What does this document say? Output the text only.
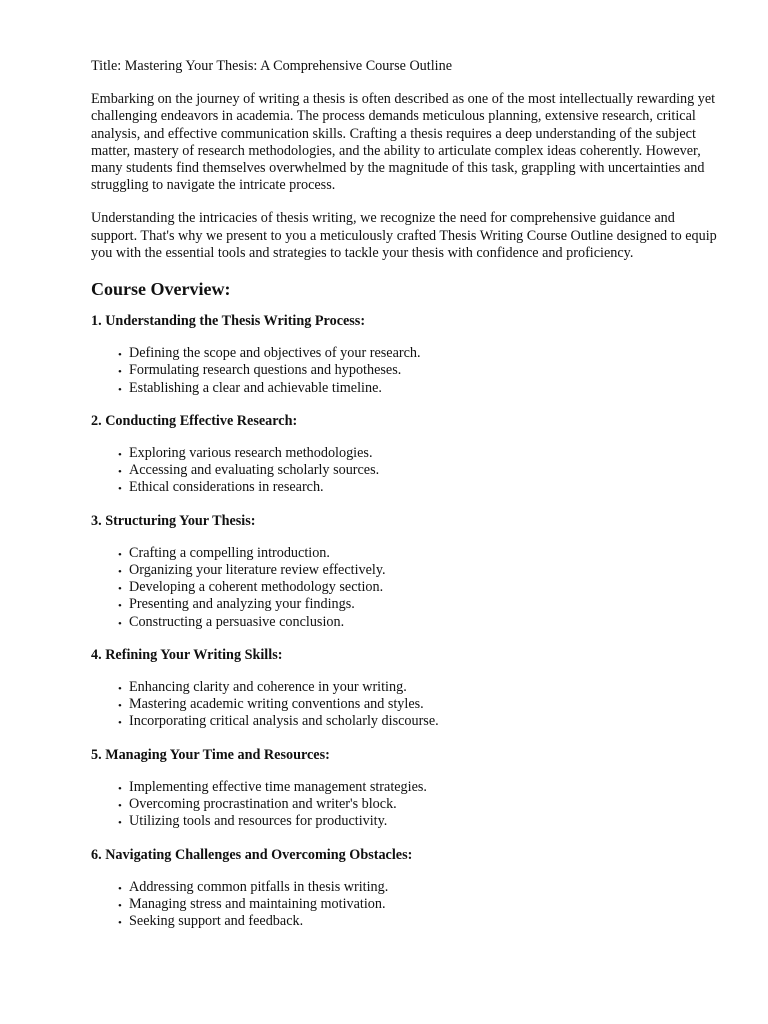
Title: Mastering Your Thesis: A Comprehensive Course Outline

Embarking on the journey of writing a thesis is often described as one of the most intellectually rewarding yet challenging endeavors in academia. The process demands meticulous planning, extensive research, critical analysis, and effective communication skills. Crafting a thesis requires a deep understanding of the subject matter, mastery of research methodologies, and the ability to articulate complex ideas coherently. However, many students find themselves overwhelmed by the magnitude of this task, grappling with uncertainties and struggling to navigate the intricate process.

Understanding the intricacies of thesis writing, we recognize the need for comprehensive guidance and support. That's why we present to you a meticulously crafted Thesis Writing Course Outline designed to equip you with the essential tools and strategies to tackle your thesis with confidence and proficiency.

Course Overview:
1. Understanding the Thesis Writing Process:
• Defining the scope and objectives of your research.
• Formulating research questions and hypotheses.
• Establishing a clear and achievable timeline.
2. Conducting Effective Research:
• Exploring various research methodologies.
• Accessing and evaluating scholarly sources.
• Ethical considerations in research.
3. Structuring Your Thesis:
• Crafting a compelling introduction.
• Organizing your literature review effectively.
• Developing a coherent methodology section.
• Presenting and analyzing your findings.
• Constructing a persuasive conclusion.
4. Refining Your Writing Skills:
• Enhancing clarity and coherence in your writing.
• Mastering academic writing conventions and styles.
• Incorporating critical analysis and scholarly discourse.
5. Managing Your Time and Resources:
• Implementing effective time management strategies.
• Overcoming procrastination and writer's block.
• Utilizing tools and resources for productivity.
6. Navigating Challenges and Overcoming Obstacles:
• Addressing common pitfalls in thesis writing.
• Managing stress and maintaining motivation.
• Seeking support and feedback.
